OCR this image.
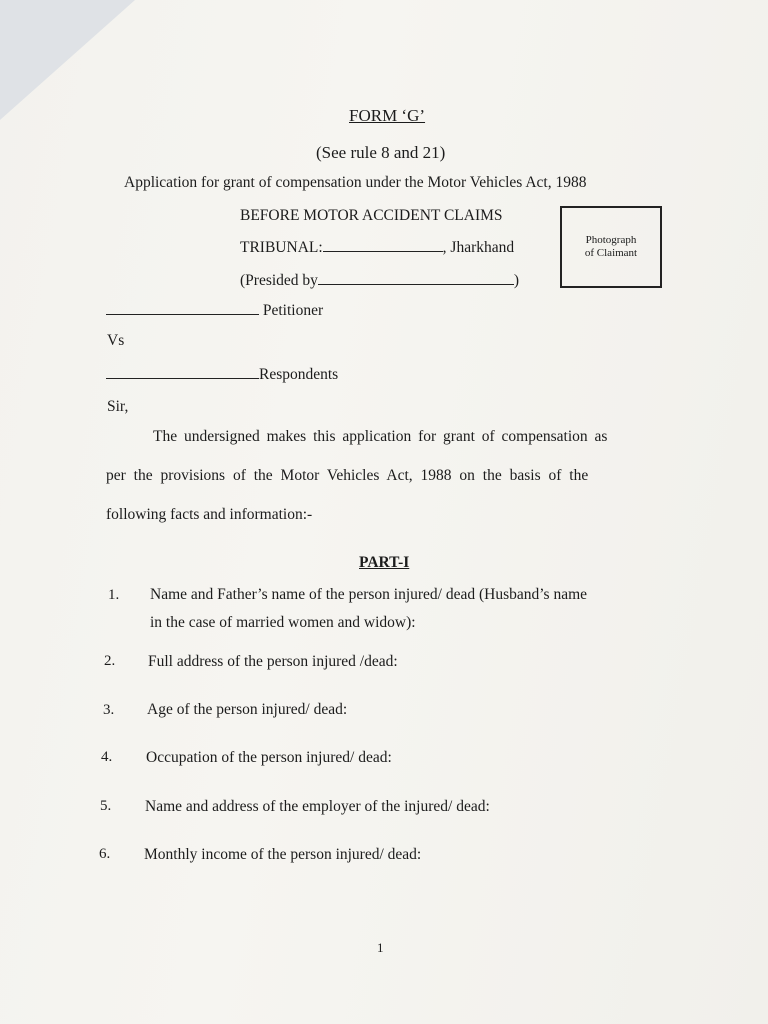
FORM ‘G’
(See rule 8 and 21)
Application for grant of compensation under the Motor Vehicles Act, 1988
BEFORE MOTOR ACCIDENT CLAIMS
TRIBUNAL:	, Jharkhand
(Presided by	)
Photograph
of Claimant
Petitioner
Vs
Respondents
Sir,
The undersigned makes this application for grant of compensation as
per the provisions of the Motor Vehicles Act, 1988 on the basis of the
following facts and information:-
PART-I
1. Name and Father’s name of the person injured/ dead (Husband’s name
in the case of married women and widow):
2. Full address of the person injured /dead:
3. Age of the person injured/ dead:
4. Occupation of the person injured/ dead:
5. Name and address of the employer of the injured/ dead:
6. Monthly income of the person injured/ dead:
1
